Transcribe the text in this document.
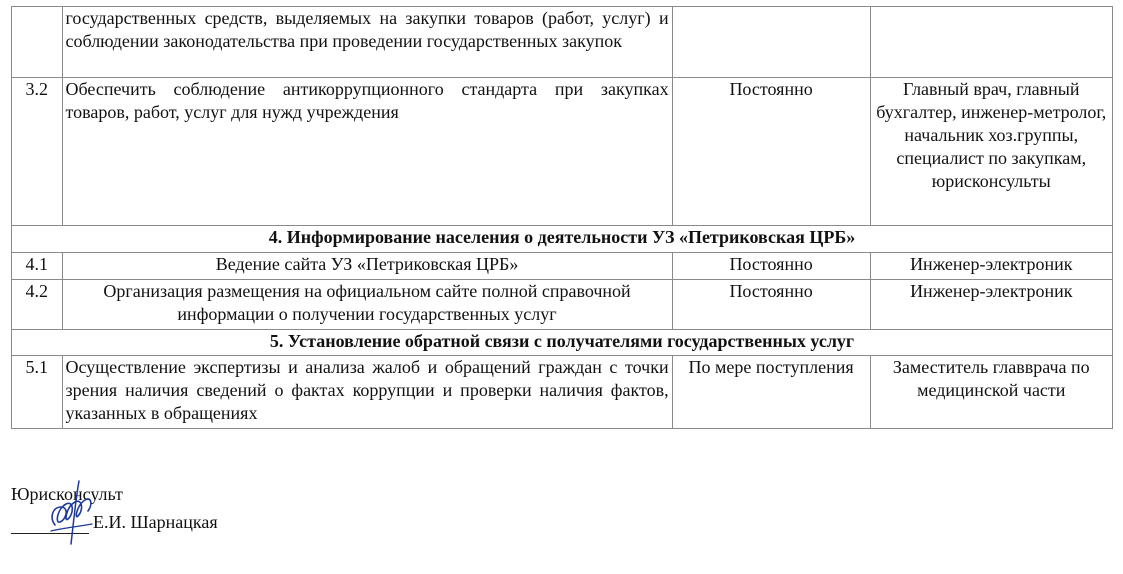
	государственных средств, выделяемых на закупки товаров (работ, услуг) и соблюдении законодательства при проведении государственных закупок		
3.2	Обеспечить соблюдение антикоррупционного стандарта при закупках товаров, работ, услуг для нужд учреждения	Постоянно	Главный врач, главный бухгалтер, инженер-метролог, начальник хоз.группы, специалист по закупкам, юрисконсульты
4. Информирование населения о деятельности УЗ «Петриковская ЦРБ»			
4.1	Ведение сайта УЗ «Петриковская ЦРБ»	Постоянно	Инженер-электроник
4.2	Организация размещения на официальном сайте полной справочной информации о получении государственных услуг	Постоянно	Инженер-электроник
5. Установление обратной связи с получателями государственных услуг			
5.1	Осуществление экспертизы и анализа жалоб и обращений граждан с точки зрения наличия сведений о фактах коррупции и проверки наличия фактов, указанных в обращениях	По мере поступления	Заместитель главврача по медицинской части
Юрисконсульт
Е.И. Шарнацкая
